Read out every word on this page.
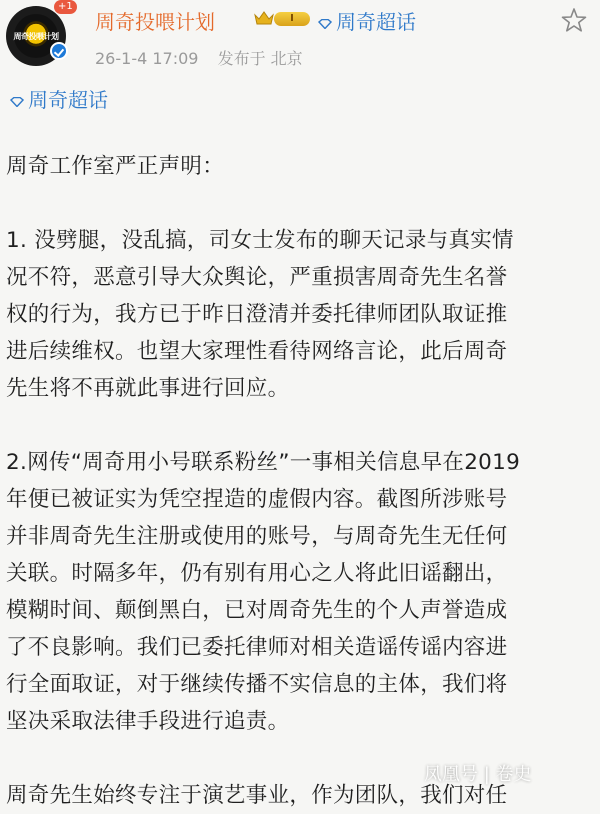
周奇投喂计划
+1
周奇投喂计划	I	周奇超话
26-1-4 17:09 发布于 北京
周奇超话
周奇工作室严正声明：
1. 没劈腿，没乱搞，司女士发布的聊天记录与真实情
况不符，恶意引导大众舆论，严重损害周奇先生名誉
权的行为，我方已于昨日澄清并委托律师团队取证推
进后续维权。也望大家理性看待网络言论，此后周奇
先生将不再就此事进行回应。
2.网传“周奇用小号联系粉丝”一事相关信息早在2019
年便已被证实为凭空捏造的虚假内容。截图所涉账号
并非周奇先生注册或使用的账号，与周奇先生无任何
关联。时隔多年，仍有别有用心之人将此旧谣翻出，
模糊时间、颠倒黑白，已对周奇先生的个人声誉造成
了不良影响。我们已委托律师对相关造谣传谣内容进
行全面取证，对于继续传播不实信息的主体，我们将
坚决采取法律手段进行追责。
周奇先生始终专注于演艺事业，作为团队，我们对任
凤凰号 | 卷史
